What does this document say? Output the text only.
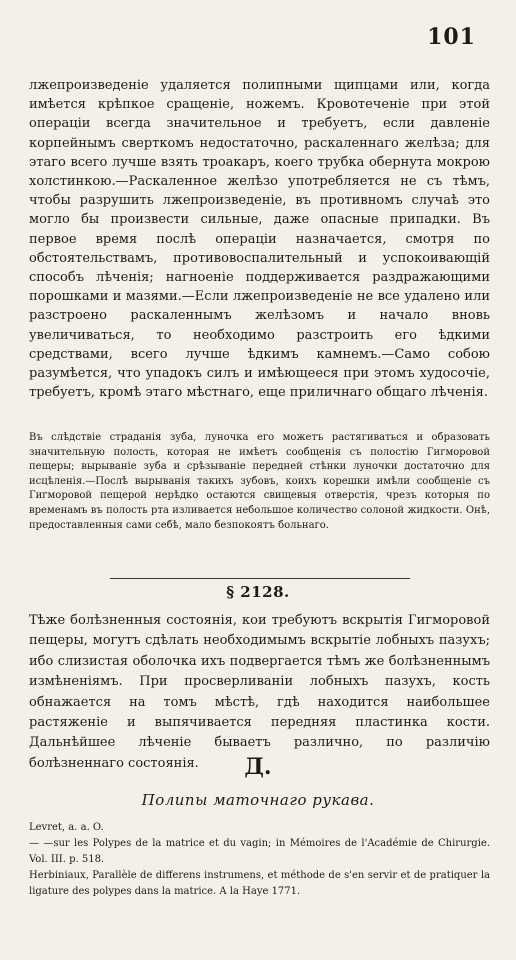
101

лжепроизведеніе удаляется полипными щипцами или, когда имѣется крѣпкое сращеніе, ножемъ. Кровотеченіе при этой операціи всегда значительное и требуетъ, если давленіе корпейнымъ сверткомъ недостаточно, раскаленнаго желѣза; для этаго всего лучше взять троакаръ, коего трубка обернута мокрою холстинкою.—Раскаленное желѣзо употребляется не съ тѣмъ, чтобы разрушить лжепроизведеніе, въ противномъ случаѣ это могло бы произвести сильные, даже опасные припадки. Въ первое время послѣ операціи назначается, смотря по обстоятельствамъ, противовоспалительный и успокоивающій способъ лѣченія; нагноеніе поддерживается раздражающими порошками и мазями.—Если лжепроизведеніе не все удалено или разстроено раскаленнымъ желѣзомъ и начало вновь увеличиваться, то необходимо разстроить его ѣдкими средствами, всего лучше ѣдкимъ камнемъ.—Само собою разумѣется, что упадокъ силъ и имѣющееся при этомъ худосочіе, требуетъ, кромѣ этаго мѣстнаго, еще приличнаго общаго лѣченія.

Въ слѣдствіе страданія зуба, луночка его можетъ растягиваться и образовать значительную полость, которая не имѣетъ сообщенія съ полостію Гигморовой пещеры; вырываніе зуба и срѣзываніе передней стѣнки луночки достаточно для исцѣленія.—Послѣ вырыванія такихъ зубовъ, коихъ корешки имѣли сообщеніе съ Гигморовой пещерой нерѣдко остаются свищевыя отверстія, чрезъ которыя по временамъ въ полость рта изливается небольшое количество солоной жидкости. Онѣ, предоставленныя сами себѣ, мало безпокоятъ больнаго.

§ 2128.

Тѣже болѣзненныя состоянія, кои требуютъ вскрытія Гигморовой пещеры, могутъ сдѣлать необходимымъ вскрытіе лобныхъ пазухъ; ибо слизистая оболочка ихъ подвергается тѣмъ же болѣзненнымъ измѣненіямъ. При просверливаніи лобныхъ пазухъ, кость обнажается на томъ мѣстѣ, гдѣ находится наибольшее растяженіе и выпячивается передняя пластинка кости. Дальнѣйшее лѣченіе бываетъ различно, по различію болѣзненнаго состоянія.	Д.
Полипы маточнаго рукава.
Levret, a. a. O.
— —sur les Polypes de la matrice et du vagin; in Mémoires de l'Académie de Chirurgie. Vol. III. p. 518.
Herbiniaux, Parallèle de differens instrumens, et méthode de s'en servir et de pratiquer la ligature des polypes dans la matrice. A la Haye 1771.
